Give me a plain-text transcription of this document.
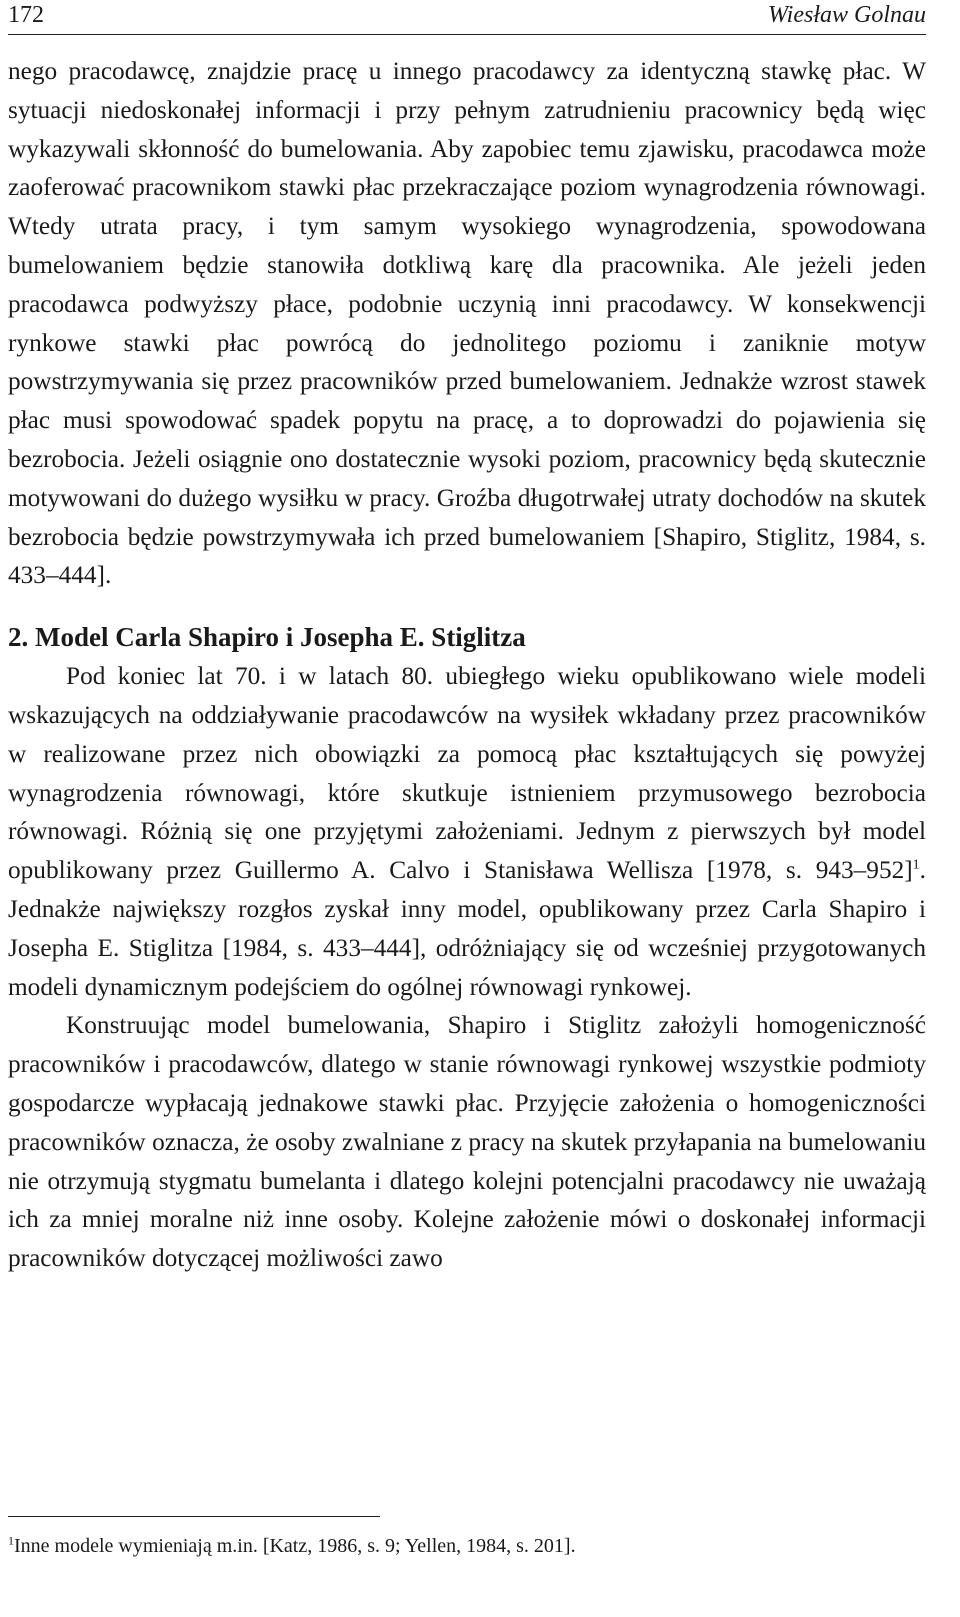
172	Wiesław Golnau

nego pracodawcę, znajdzie pracę u innego pracodawcy za identyczną stawkę płac. W sytuacji niedoskonałej informacji i przy pełnym zatrudnieniu pracownicy będą więc wykazywali skłonność do bumelowania. Aby zapobiec temu zjawisku, pracodawca może zaoferować pracownikom stawki płac przekraczające poziom wynagrodzenia równowagi. Wtedy utrata pracy, i tym samym wysokiego wynagrodzenia, spowodowana bumelowaniem będzie stanowiła dotkliwą karę dla pracownika. Ale jeżeli jeden pracodawca podwyższy płace, podobnie uczynią inni pracodawcy. W konsekwencji rynkowe stawki płac powrócą do jednolitego poziomu i zaniknie motyw powstrzymywania się przez pracowników przed bumelowaniem. Jednakże wzrost stawek płac musi spowodować spadek popytu na pracę, a to doprowadzi do pojawienia się bezrobocia. Jeżeli osiągnie ono dostatecznie wysoki poziom, pracownicy będą skutecznie motywowani do dużego wysiłku w pracy. Groźba długotrwałej utraty dochodów na skutek bezrobocia będzie powstrzymywała ich przed bumelowaniem [Shapiro, Stiglitz, 1984, s. 433–444].

2. Model Carla Shapiro i Josepha E. Stiglitza

Pod koniec lat 70. i w latach 80. ubiegłego wieku opublikowano wiele modeli wskazujących na oddziaływanie pracodawców na wysiłek wkładany przez pracowników w realizowane przez nich obowiązki za pomocą płac kształtujących się powyżej wynagrodzenia równowagi, które skutkuje istnieniem przymusowego bezrobocia równowagi. Różnią się one przyjętymi założeniami. Jednym z pierwszych był model opublikowany przez Guillermo A. Calvo i Stanisława Wellisza [1978, s. 943–952]$^1$. Jednakże największy rozgłos zyskał inny model, opublikowany przez Carla Shapiro i Josepha E. Stiglitza [1984, s. 433–444], odróżniający się od wcześniej przygotowanych modeli dynamicznym podejściem do ogólnej równowagi rynkowej.

Konstruując model bumelowania, Shapiro i Stiglitz założyli homogeniczność pracowników i pracodawców, dlatego w stanie równowagi rynkowej wszystkie podmioty gospodarcze wypłacają jednakowe stawki płac. Przyjęcie założenia o homogeniczności pracowników oznacza, że osoby zwalniane z pracy na skutek przyłapania na bumelowaniu nie otrzymują stygmatu bumelanta i dlatego kolejni potencjalni pracodawcy nie uważają ich za mniej moralne niż inne osoby. Kolejne założenie mówi o doskonałej informacji pracowników dotyczącej możliwości zawo

$^1$Inne modele wymieniają m.in. [Katz, 1986, s. 9; Yellen, 1984, s. 201].
